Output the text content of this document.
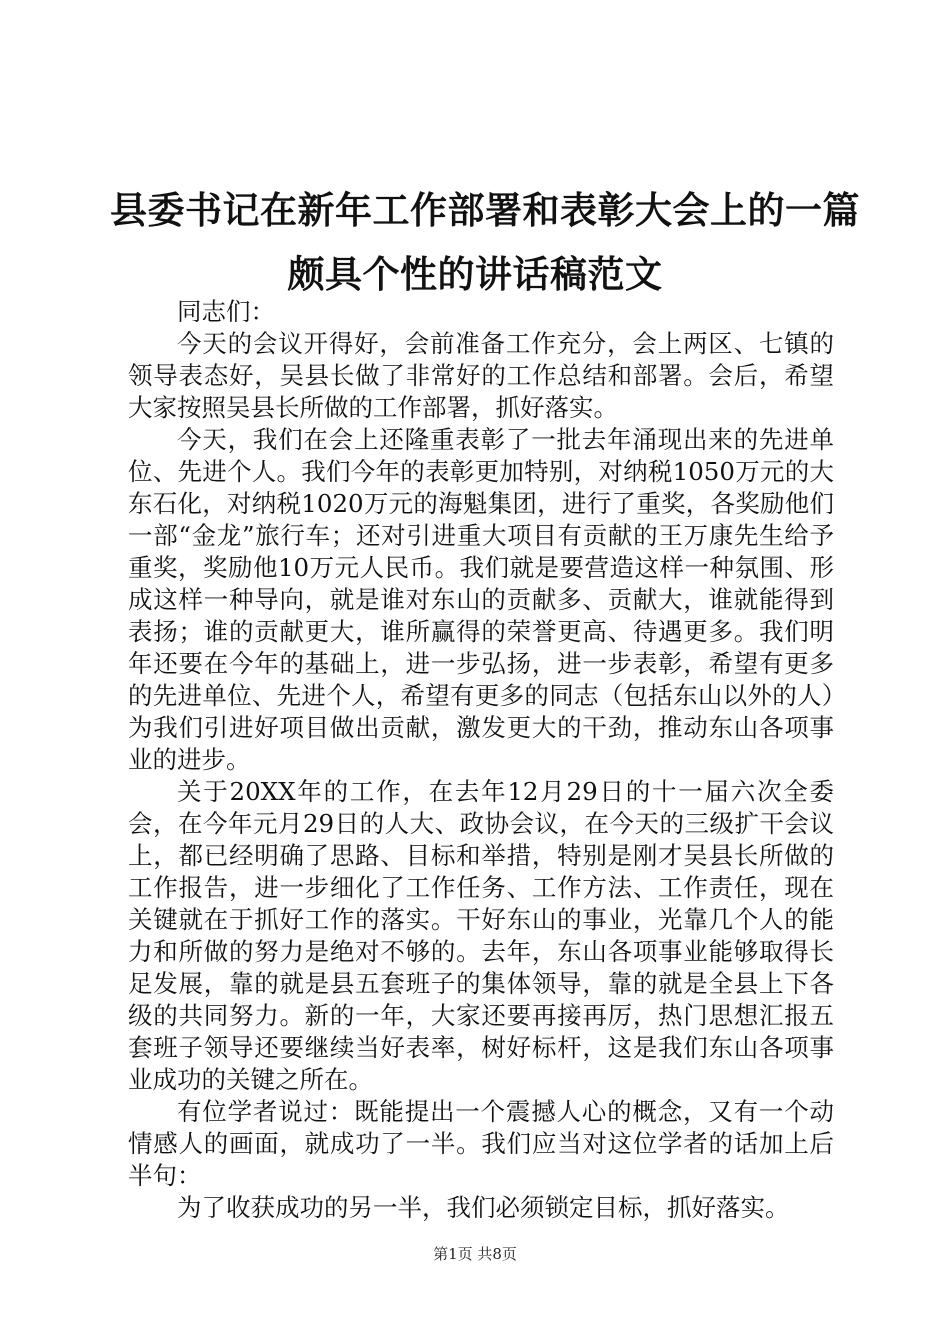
县委书记在新年工作部署和表彰大会上的一篇
颇具个性的讲话稿范文

同志们：

今天的会议开得好，会前准备工作充分，会上两区、七镇的领导表态好，吴县长做了非常好的工作总结和部署。会后，希望大家按照吴县长所做的工作部署，抓好落实。

今天，我们在会上还隆重表彰了一批去年涌现出来的先进单位、先进个人。我们今年的表彰更加特别，对纳税1050万元的大东石化，对纳税1020万元的海魁集团，进行了重奖，各奖励他们一部“金龙”旅行车；还对引进重大项目有贡献的王万康先生给予重奖，奖励他10万元人民币。我们就是要营造这样一种氛围、形成这样一种导向，就是谁对东山的贡献多、贡献大，谁就能得到表扬；谁的贡献更大，谁所赢得的荣誉更高、待遇更多。我们明年还要在今年的基础上，进一步弘扬，进一步表彰，希望有更多的先进单位、先进个人，希望有更多的同志（包括东山以外的人）为我们引进好项目做出贡献，激发更大的干劲，推动东山各项事业的进步。

关于20XX年的工作，在去年12月29日的十一届六次全委会，在今年元月29日的人大、政协会议，在今天的三级扩干会议上，都已经明确了思路、目标和举措，特别是刚才吴县长所做的工作报告，进一步细化了工作任务、工作方法、工作责任，现在关键就在于抓好工作的落实。干好东山的事业，光靠几个人的能力和所做的努力是绝对不够的。去年，东山各项事业能够取得长足发展，靠的就是县五套班子的集体领导，靠的就是全县上下各级的共同努力。新的一年，大家还要再接再厉，热门思想汇报五套班子领导还要继续当好表率，树好标杆，这是我们东山各项事业成功的关键之所在。

有位学者说过：既能提出一个震撼人心的概念，又有一个动情感人的画面，就成功了一半。我们应当对这位学者的话加上后半句：

为了收获成功的另一半，我们必须锁定目标，抓好落实。

第1页 共8页
